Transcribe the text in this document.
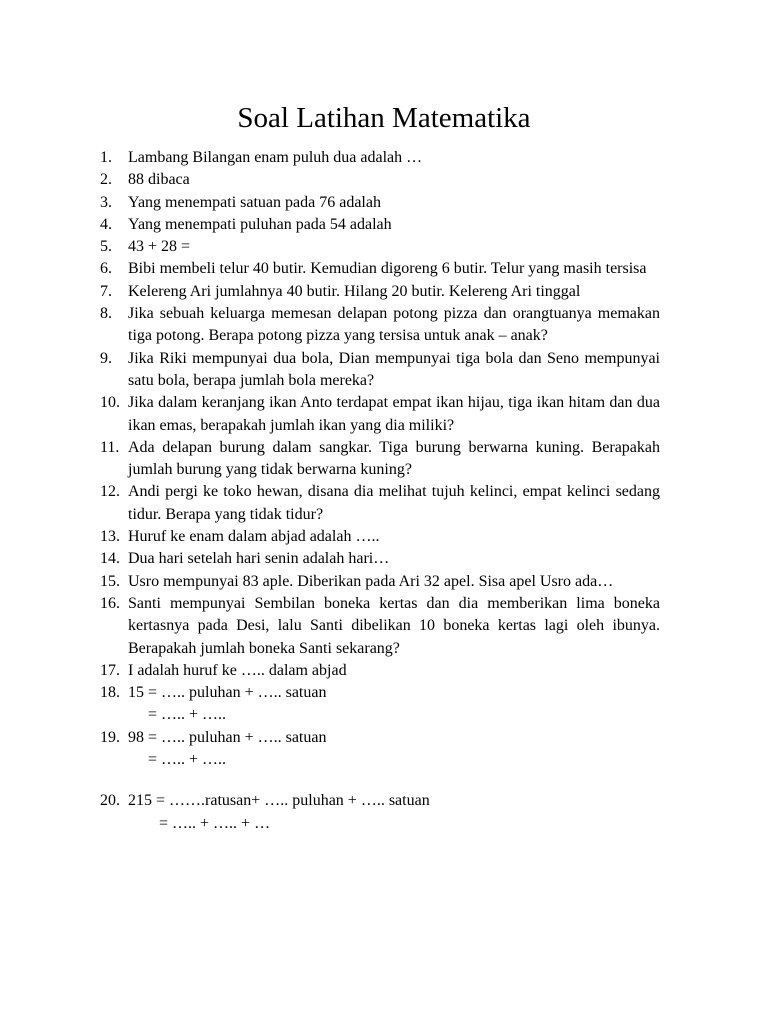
Soal Latihan Matematika
1. Lambang Bilangan enam puluh dua adalah …
2. 88 dibaca
3. Yang menempati satuan pada 76 adalah
4. Yang menempati puluhan pada 54 adalah
5. 43 + 28 =
6. Bibi membeli telur 40 butir. Kemudian digoreng 6 butir. Telur yang masih tersisa
7. Kelereng Ari jumlahnya 40 butir. Hilang 20 butir. Kelereng Ari tinggal
8. Jika sebuah keluarga memesan delapan potong pizza dan orangtuanya memakan tiga potong. Berapa potong pizza yang tersisa untuk anak – anak?
9. Jika Riki mempunyai dua bola, Dian mempunyai tiga bola dan Seno mempunyai satu bola, berapa jumlah bola mereka?
10. Jika dalam keranjang ikan Anto terdapat empat ikan hijau, tiga ikan hitam dan dua ikan emas, berapakah jumlah ikan yang dia miliki?
11. Ada delapan burung dalam sangkar. Tiga burung berwarna kuning. Berapakah jumlah burung yang tidak berwarna kuning?
12. Andi pergi ke toko hewan, disana dia melihat tujuh kelinci, empat kelinci sedang tidur. Berapa yang tidak tidur?
13. Huruf ke enam dalam abjad adalah …..
14. Dua hari setelah hari senin adalah hari…
15. Usro mempunyai 83 aple. Diberikan pada Ari 32 apel. Sisa apel Usro ada…
16. Santi mempunyai Sembilan boneka kertas dan dia memberikan lima boneka kertasnya pada Desi, lalu Santi dibelikan 10 boneka kertas lagi oleh ibunya. Berapakah jumlah boneka Santi sekarang?
17. I adalah huruf ke ….. dalam abjad
18. 15 = ….. puluhan + ….. satuan
= ….. + …..
19. 98 = ….. puluhan + ….. satuan
= ….. + …..
20. 215 = …….ratusan+ ….. puluhan + ….. satuan
= ….. + ….. + …
